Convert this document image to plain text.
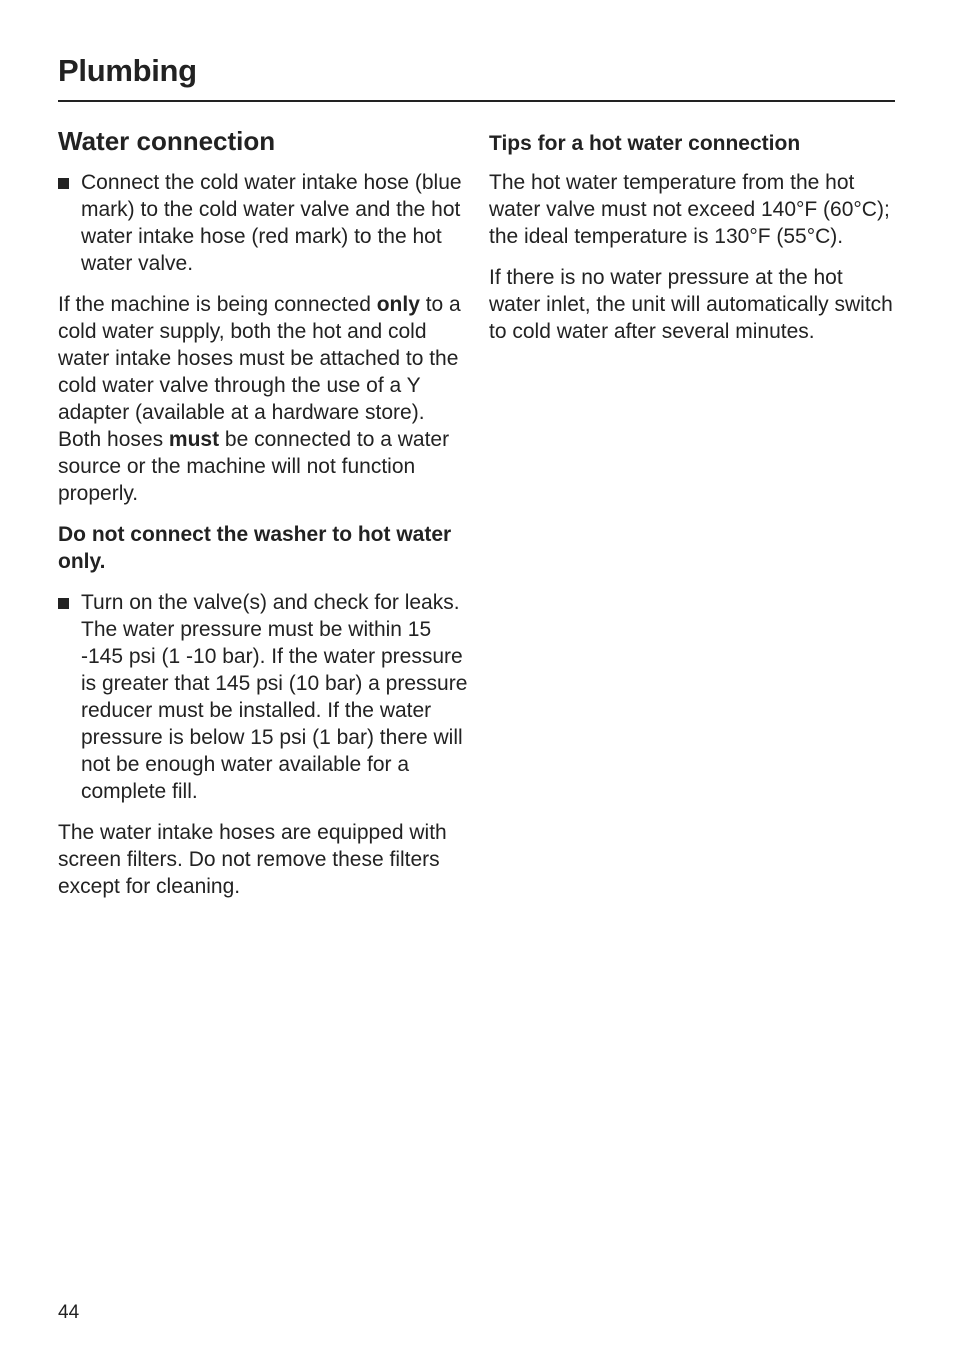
Plumbing
Water connection
Connect the cold water intake hose (blue mark) to the cold water valve and the hot water intake hose (red mark) to the hot water valve.

If the machine is being connected only to a cold water supply, both the hot and cold water intake hoses must be attached to the cold water valve through the use of a Y adapter (available at a hardware store). Both hoses must be connected to a water source or the machine will not function properly.

Do not connect the washer to hot water only.
Turn on the valve(s) and check for leaks. The water pressure must be within 15 -145 psi (1 -10 bar). If the water pressure is greater that 145 psi (10 bar) a pressure reducer must be installed. If the water pressure is below 15 psi (1 bar) there will not be enough water available for a complete fill.

The water intake hoses are equipped with screen filters. Do not remove these filters except for cleaning.

Tips for a hot water connection

The hot water temperature from the hot water valve must not exceed 140°F (60°C); the ideal temperature is 130°F (55°C).

If there is no water pressure at the hot water inlet, the unit will automatically switch to cold water after several minutes.

44
